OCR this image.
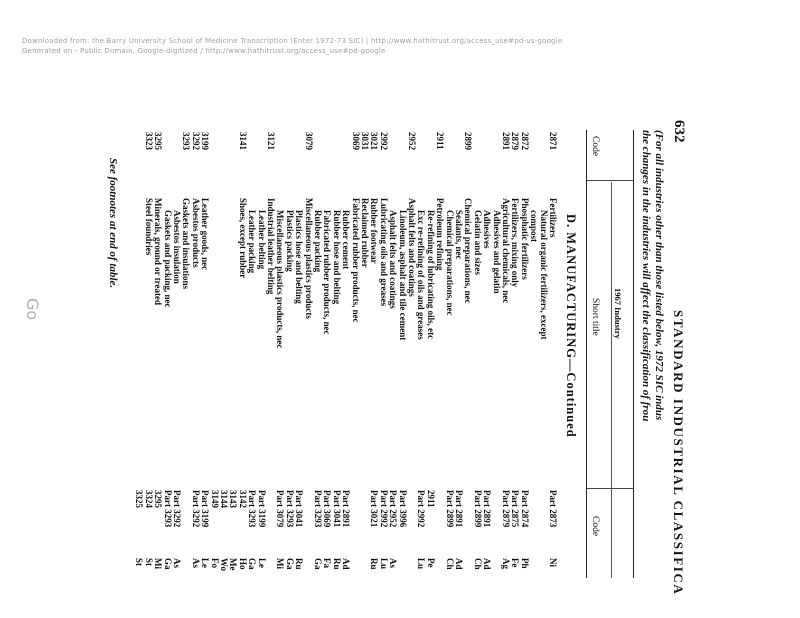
Downloaded from: the Barry University School of Medicine Transcription (Enter 1972-73 SIC) | http://www.hathitrust.org/access_use#pd-us-google
Generated on - Public Domain, Google-digitized / http://www.hathitrust.org/access_use#pd-google
Go
632
STANDARD INDUSTRIAL CLASSIFICA
(For all industries other than those listed below, 1972 SIC indus
the changes in the industries will affect the classification of frou
1967 Industry
Code
Short title
Code
D. MANUFACTURING—Continued
2871
Fertilizers
Part 2873
Ni
Natural organic fertilizers, except
compost
2872
Phosphatic fertilizers
Part 2874
Ph
2879
Fertilizers, mixing only
Part 2875
Fe
2891
Agricultural chemicals, nec
Part 2879
Ag
Adhesives and gelatin
Adhesives
Part 2891
Ad
Gelatin and sizes
Part 2899
Ch
2899
Chemical preparations, nec
Sealants, nec
Part 2891
Ad
Chemical preparations, nec
Part 2899
Ch
2911
Petroleum refining
Re-refining of lubricating oils, etc
2911
Pe
Exc re-refining of oils and greases
Part 2992
Lu
2952
Asphalt felts and coatings
Linoleum, asphalt and tile cement
Part 3996
Asphalt felts and coatings
Part 2952
As
2992
Lubricating oils and greases
Part 2992
Lu
3021
Rubber footwear
Part 3021
Ru
3031
Reclaimed rubber
3069
Fabricated rubber products, nec
Rubber cement
Part 2891
Ad
Rubber hose and belting
Part 3041
Ru
Fabricated rubber products, nec
Part 3069
Fa
Rubber packing
Part 3293
Ga
3079
Miscellaneous plastics products
Plastics hose and belting
Part 3041
Ru
Plastics packing
Part 3293
Ga
Miscellaneous plastics products, nec
Part 3079
Mi
3121
Industrial leather belting
Leather belting
Part 3199
Le
Leather packing
Part 3293
Ga
3141
Shoes, except rubber
3142
Ho
3143
Me
3144
Wo
3149
Fo
3199
Leather goods, nec
Part 3199
Le
3292
Asbestos products
Part 3292
As
3293
Gaskets and insulations
Asbestos insulation
Part 3292
As
Gaskets and packing, nec
Part 3293
Ga
3295
Minerals, ground or treated
3295
Mi
3323
Steel foundries
3324
St
3325
St
See footnotes at end of table.
